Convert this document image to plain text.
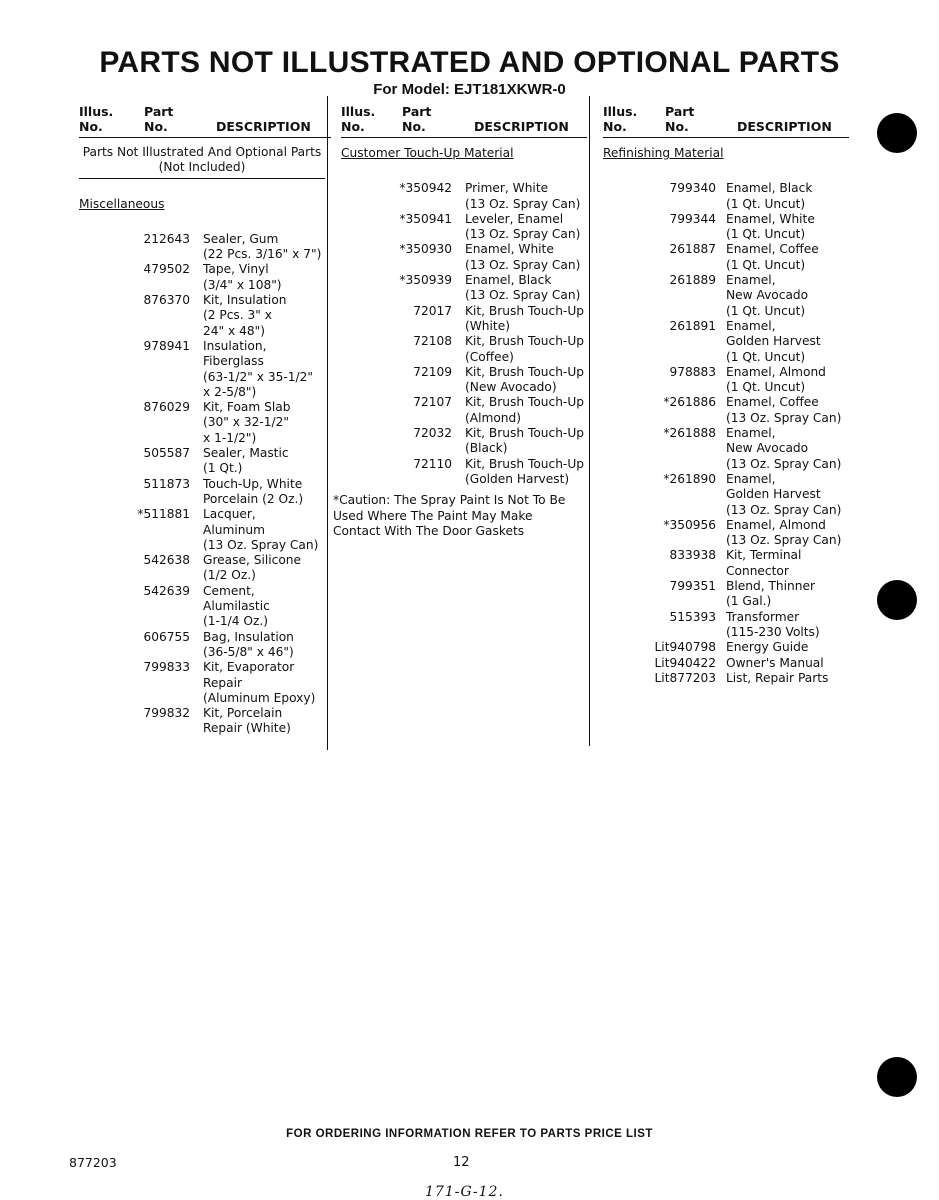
PARTS NOT ILLUSTRATED AND OPTIONAL PARTS
For Model: EJT181XKWR-0
Illus.
No.
Part
No.	DESCRIPTION
Parts Not Illustrated And Optional Parts (Not Included)
Miscellaneous
212643	Sealer, Gum
(22 Pcs. 3/16" x 7")
479502	Tape, Vinyl
(3/4" x 108")
876370	Kit, Insulation
(2 Pcs. 3" x
24" x 48")
978941	Insulation,
Fiberglass
(63-1/2" x 35-1/2"
x 2-5/8")
876029	Kit, Foam Slab
(30" x 32-1/2"
x 1-1/2")
505587	Sealer, Mastic
(1 Qt.)
511873	Touch-Up, White
Porcelain (2 Oz.)
*511881	Lacquer,
Aluminum
(13 Oz. Spray Can)
542638	Grease, Silicone
(1/2 Oz.)
542639	Cement,
Alumilastic
(1-1/4 Oz.)
606755	Bag, Insulation
(36-5/8" x 46")
799833	Kit, Evaporator
Repair
(Aluminum Epoxy)
799832	Kit, Porcelain
Repair (White)
Illus.
No.
Part
No.	DESCRIPTION
Customer Touch-Up Material
*350942	Primer, White
(13 Oz. Spray Can)
*350941	Leveler, Enamel
(13 Oz. Spray Can)
*350930	Enamel, White
(13 Oz. Spray Can)
*350939	Enamel, Black
(13 Oz. Spray Can)
72017	Kit, Brush Touch-Up
(White)
72108	Kit, Brush Touch-Up
(Coffee)
72109	Kit, Brush Touch-Up
(New Avocado)
72107	Kit, Brush Touch-Up
(Almond)
72032	Kit, Brush Touch-Up
(Black)
72110	Kit, Brush Touch-Up
(Golden Harvest)
*Caution: The Spray Paint Is Not To Be
Used Where The Paint May Make
Contact With The Door Gaskets
Illus.
No.
Part
No.	DESCRIPTION
Refinishing Material
799340 Enamel, Black
(1 Qt. Uncut)
799344 Enamel, White
(1 Qt. Uncut)
261887 Enamel, Coffee
(1 Qt. Uncut)
261889 Enamel,
New Avocado
(1 Qt. Uncut)
261891 Enamel,
Golden Harvest
(1 Qt. Uncut)
978883 Enamel, Almond
(1 Qt. Uncut)
*261886 Enamel, Coffee
(13 Oz. Spray Can)
*261888 Enamel,
New Avocado
(13 Oz. Spray Can)
*261890 Enamel,
Golden Harvest
(13 Oz. Spray Can)
*350956 Enamel, Almond
(13 Oz. Spray Can)
833938 Kit, Terminal
Connector
799351 Blend, Thinner
(1 Gal.)
515393 Transformer
(115-230 Volts)
Lit940798 Energy Guide
Lit940422 Owner's Manual
Lit877203 List, Repair Parts
FOR ORDERING INFORMATION REFER TO PARTS PRICE LIST
877203	12
171-G-12.
